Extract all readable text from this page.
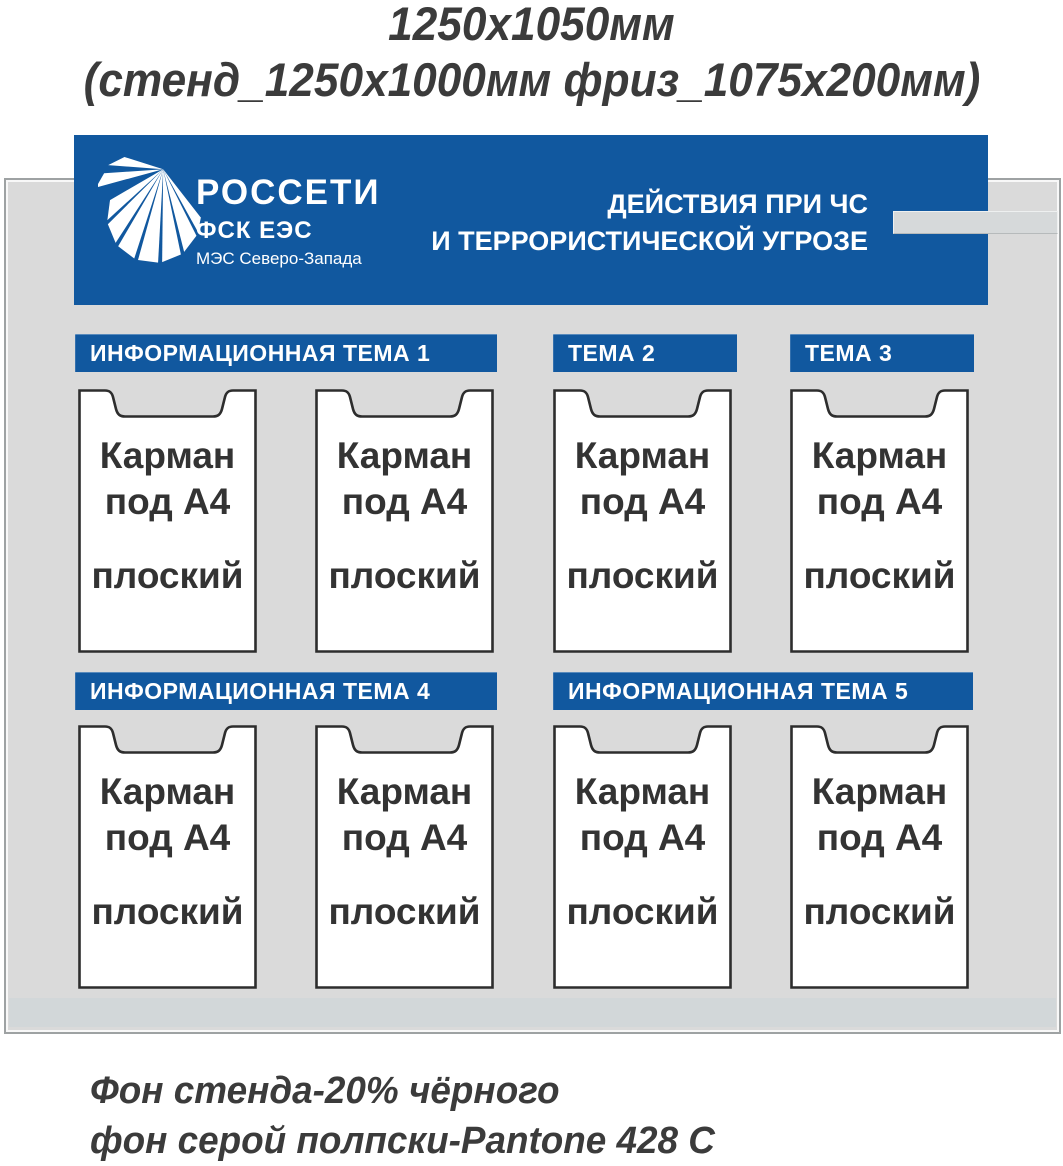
1250х1050мм
(стенд_1250х1000мм фриз_1075х200мм)
РОССЕТИ
ФСК ЕЭС
МЭС Северо-Запада
ДЕЙСТВИЯ ПРИ ЧС
И ТЕРРОРИСТИЧЕСКОЙ УГРОЗЕ
ИНФОРМАЦИОННАЯ ТЕМА 1	ТЕМА 2	ТЕМА 3
ИНФОРМАЦИОННАЯ ТЕМА 4	ИНФОРМАЦИОННАЯ ТЕМА 5
Карман
под А4
плоский
Карман
под А4
плоский
Карман
под А4
плоский
Карман
под А4
плоский
Карман
под А4
плоский
Карман
под А4
плоский
Карман
под А4
плоский
Карман
под А4
плоский
Фон стенда-20% чёрного
фон серой полпски-Pantone 428 C
